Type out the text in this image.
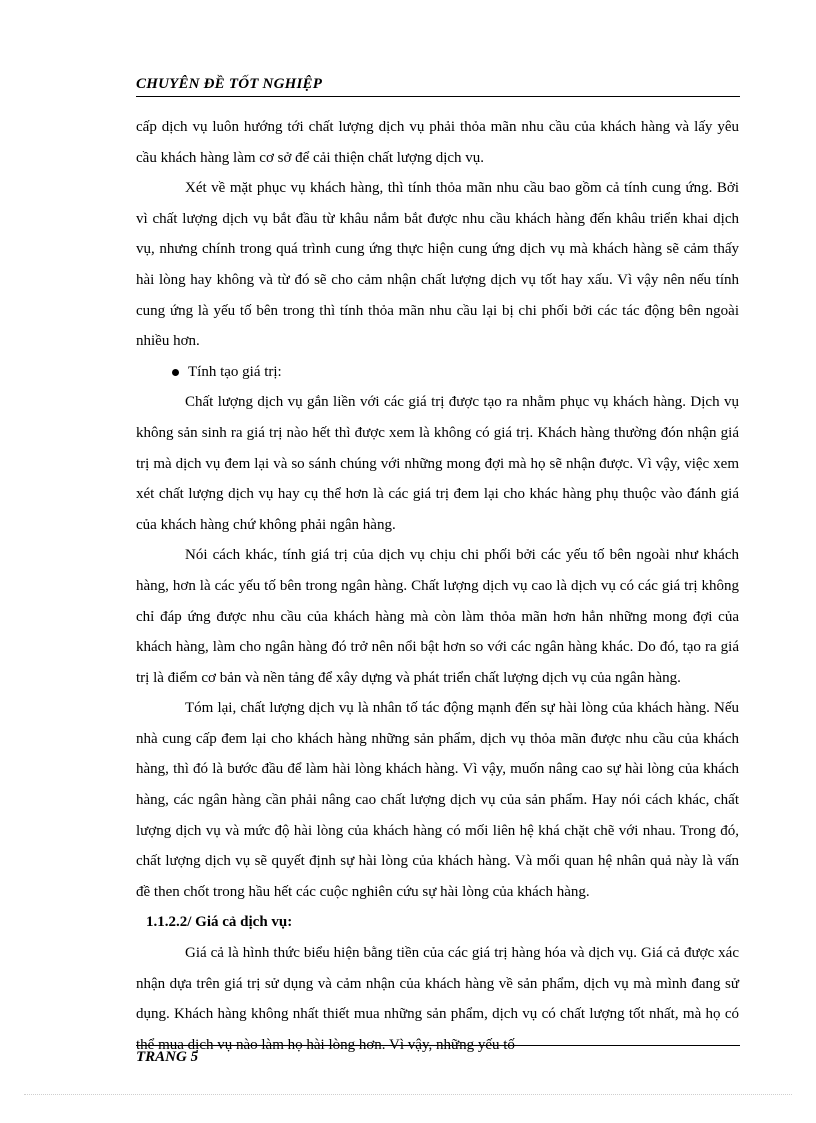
CHUYÊN ĐỀ TỐT NGHIỆP

cấp dịch vụ luôn hướng tới chất lượng dịch vụ phải thỏa mãn nhu cầu của khách hàng và lấy yêu cầu khách hàng làm cơ sở để cải thiện chất lượng dịch vụ.

Xét về mặt phục vụ khách hàng, thì tính thỏa mãn nhu cầu bao gồm cả tính cung ứng. Bởi vì chất lượng dịch vụ bắt đầu từ khâu nắm bắt được nhu cầu khách hàng đến khâu triển khai dịch vụ, nhưng chính trong quá trình cung ứng thực hiện cung ứng dịch vụ mà khách hàng sẽ cảm thấy hài lòng hay không và từ đó sẽ cho cảm nhận chất lượng dịch vụ tốt hay xấu. Vì vậy nên nếu tính cung ứng là yếu tố bên trong thì tính thỏa mãn nhu cầu lại bị chi phối bởi các tác động bên ngoài nhiều hơn.

Tính tạo giá trị:

Chất lượng dịch vụ gắn liền với các giá trị được tạo ra nhằm phục vụ khách hàng. Dịch vụ không sản sinh ra giá trị nào hết thì được xem là không có giá trị. Khách hàng thường đón nhận giá trị mà dịch vụ đem lại và so sánh chúng với những mong đợi mà họ sẽ nhận được. Vì vậy, việc xem xét chất lượng dịch vụ hay cụ thể hơn là các giá trị đem lại cho khác hàng phụ thuộc vào đánh giá của khách hàng chứ không phải ngân hàng.

Nói cách khác, tính giá trị của dịch vụ chịu chi phối bởi các yếu tố bên ngoài như khách hàng, hơn là các yếu tố bên trong ngân hàng. Chất lượng dịch vụ cao là dịch vụ có các giá trị không chỉ đáp ứng được nhu cầu của khách hàng mà còn làm thỏa mãn hơn hẳn những mong đợi của khách hàng, làm cho ngân hàng đó trở nên nổi bật hơn so với các ngân hàng khác. Do đó, tạo ra giá trị là điểm cơ bản và nền tảng để xây dựng và phát triển chất lượng dịch vụ của ngân hàng.

Tóm lại, chất lượng dịch vụ là nhân tố tác động mạnh đến sự hài lòng của khách hàng. Nếu nhà cung cấp đem lại cho khách hàng những sản phẩm, dịch vụ thỏa mãn được nhu cầu của khách hàng, thì đó là bước đầu để làm hài lòng khách hàng. Vì vậy, muốn nâng cao sự hài lòng của khách hàng, các ngân hàng cần phải nâng cao chất lượng dịch vụ của sản phẩm. Hay nói cách khác, chất lượng dịch vụ và mức độ hài lòng của khách hàng có mối liên hệ khá chặt chẽ với nhau. Trong đó, chất lượng dịch vụ sẽ quyết định sự hài lòng của khách hàng. Và mối quan hệ nhân quả này là vấn đề then chốt trong hầu hết các cuộc nghiên cứu sự hài lòng của khách hàng.

1.1.2.2/ Giá cả dịch vụ:

Giá cả là hình thức biểu hiện bằng tiền của các giá trị hàng hóa và dịch vụ. Giá cả được xác nhận dựa trên giá trị sử dụng và cảm nhận của khách hàng về sản phẩm, dịch vụ mà mình đang sử dụng. Khách hàng không nhất thiết mua những sản phẩm, dịch vụ có chất lượng tốt nhất, mà họ có thể mua dịch vụ nào làm họ hài lòng hơn. Vì vậy, những yếu tố

TRANG 5
